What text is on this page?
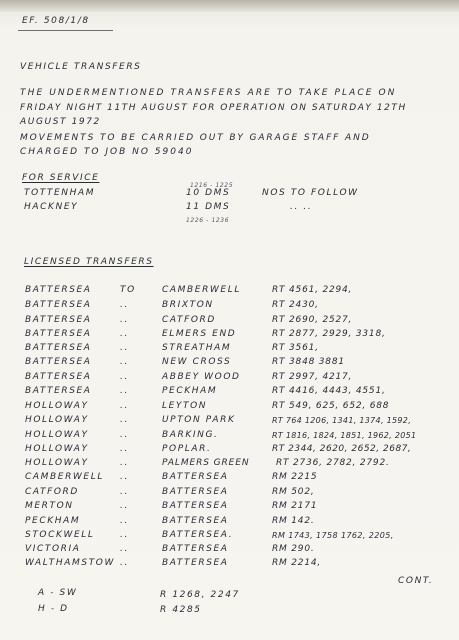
EF. 508/1/8
VEHICLE TRANSFERS
THE UNDERMENTIONED TRANSFERS ARE TO TAKE PLACE ON
FRIDAY NIGHT 11TH AUGUST FOR OPERATION ON SATURDAY 12TH
AUGUST 1972
MOVEMENTS TO BE CARRIED OUT BY GARAGE STAFF AND
CHARGED TO JOB NO 59040
FOR SERVICE
1216 - 1225
TOTTENHAM	10 DMS	NOS TO FOLLOW
HACKNEY	11 DMS	.. ..
1226 - 1236
LICENSED TRANSFERS
BATTERSEA	TO	CAMBERWELL	RT 4561, 2294,
BATTERSEA	..	BRIXTON	RT 2430,
BATTERSEA	..	CATFORD	RT 2690, 2527,
BATTERSEA	..	ELMERS END	RT 2877, 2929, 3318,
BATTERSEA	..	STREATHAM	RT 3561,
BATTERSEA	..	NEW CROSS	RT 3848 3881
BATTERSEA	..	ABBEY WOOD	RT 2997, 4217,
BATTERSEA	..	PECKHAM	RT 4416, 4443, 4551,
HOLLOWAY	..	LEYTON	RT 549, 625, 652, 688
HOLLOWAY	..	UPTON PARK	RT 764 1206, 1341, 1374, 1592,
HOLLOWAY	..	BARKING.	RT 1816, 1824, 1851, 1962, 2051
HOLLOWAY	..	POPLAR.	RT 2344, 2620, 2652, 2687,
HOLLOWAY	..	PALMERS GREEN	RT 2736, 2782, 2792.
CAMBERWELL ..	BATTERSEA	RM 2215
CATFORD	..	BATTERSEA	RM 502,
MERTON	..	BATTERSEA	RM 2171
PECKHAM	..	BATTERSEA	RM 142.
STOCKWELL	..	BATTERSEA.	RM 1743, 1758 1762, 2205,
VICTORIA	..	BATTERSEA	RM 290.
WALTHAMSTOW ..	BATTERSEA	RM 2214,
CONT.
A - SW	R 1268, 2247
H - D	R 4285
